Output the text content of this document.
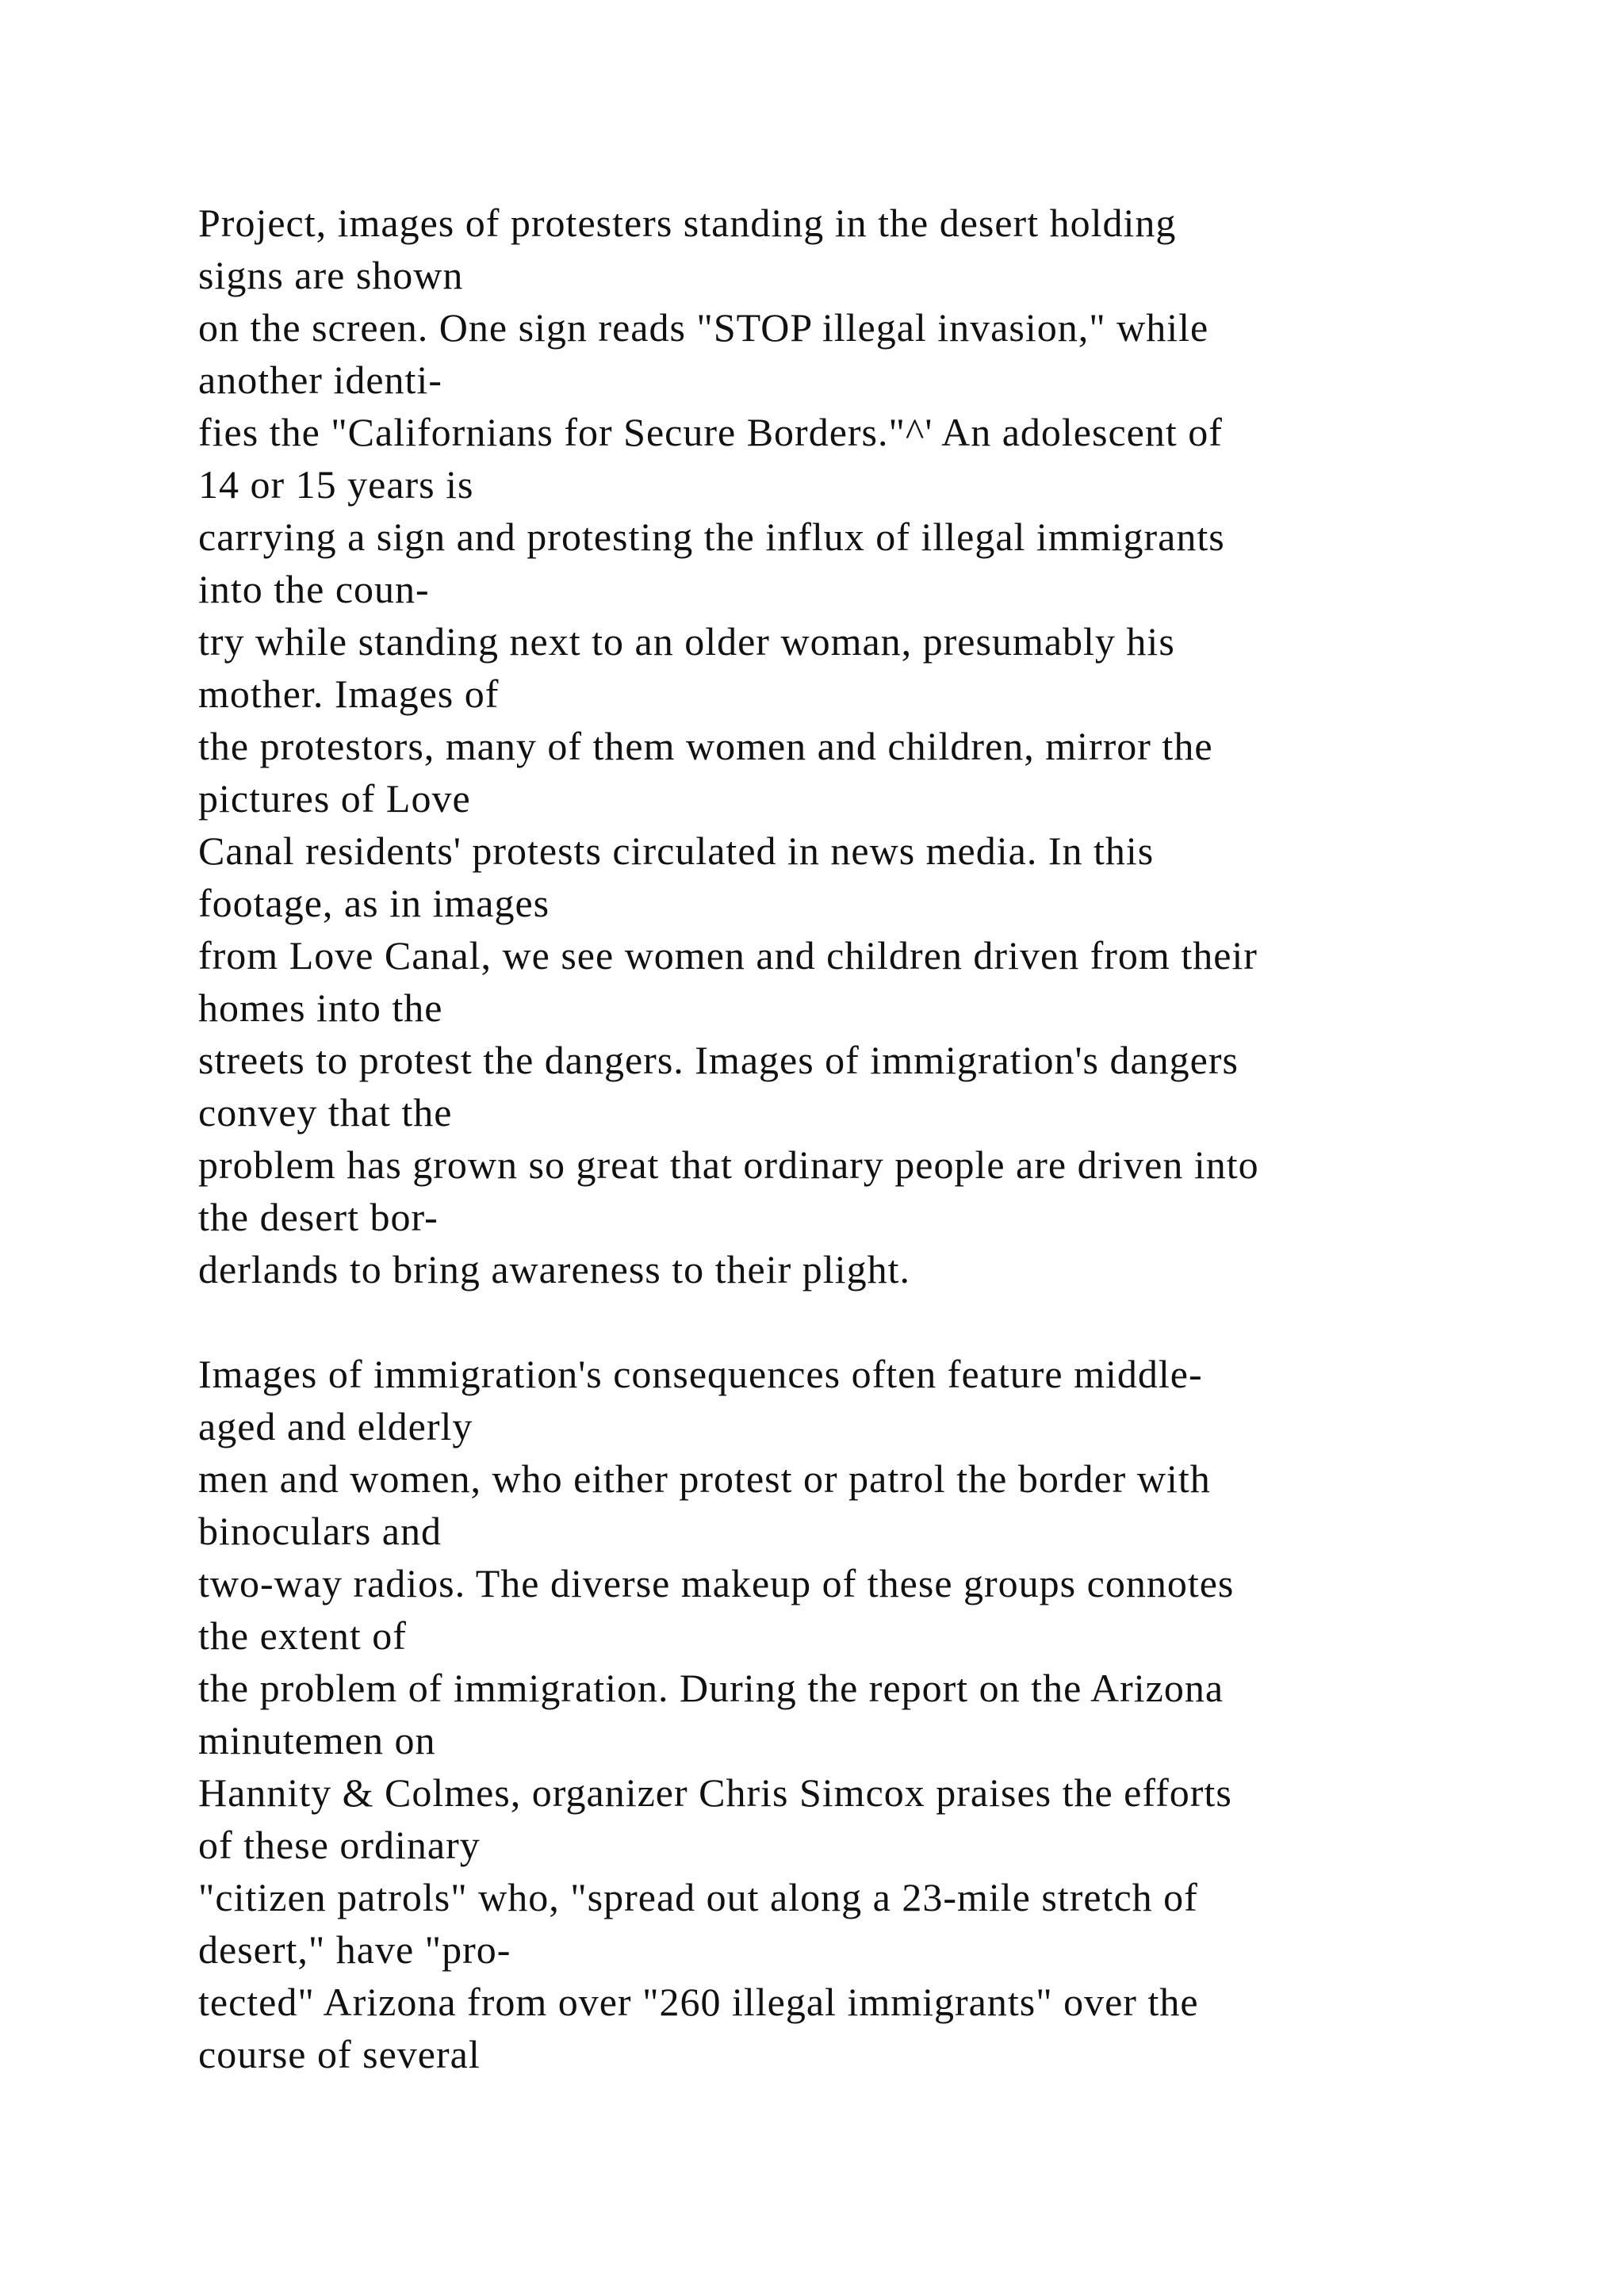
Project, images of protesters standing in the desert holding
signs are shown
on the screen. One sign reads "STOP illegal invasion," while
another identi-
fies the "Californians for Secure Borders."^' An adolescent of
14 or 15 years is
carrying a sign and protesting the influx of illegal immigrants
into the coun-
try while standing next to an older woman, presumably his
mother. Images of
the protestors, many of them women and children, mirror the
pictures of Love
Canal residents' protests circulated in news media. In this
footage, as in images
from Love Canal, we see women and children driven from their
homes into the
streets to protest the dangers. Images of immigration's dangers
convey that the
problem has grown so great that ordinary people are driven into
the desert bor-
derlands to bring awareness to their plight.
Images of immigration's consequences often feature middle-
aged and elderly
men and women, who either protest or patrol the border with
binoculars and
two-way radios. The diverse makeup of these groups connotes
the extent of
the problem of immigration. During the report on the Arizona
minutemen on
Hannity & Colmes, organizer Chris Simcox praises the efforts
of these ordinary
"citizen patrols" who, "spread out along a 23-mile stretch of
desert," have "pro-
tected" Arizona from over "260 illegal immigrants" over the
course of several
